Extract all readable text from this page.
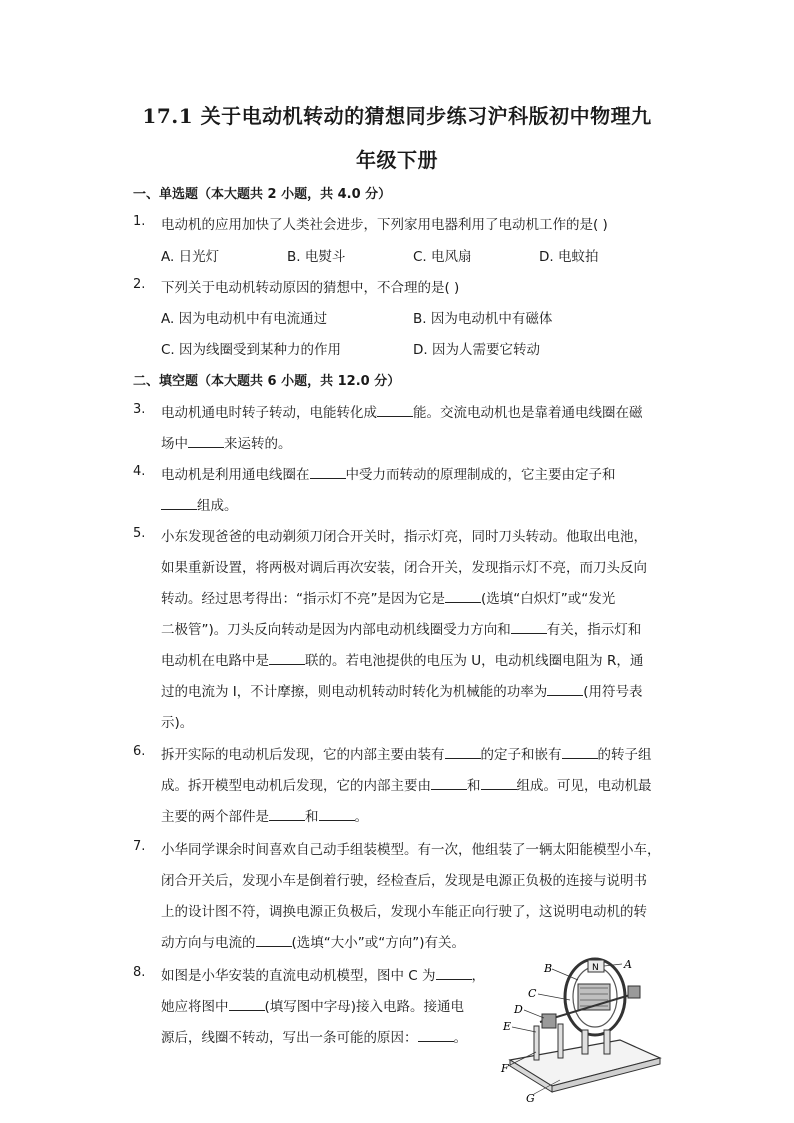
17.1 关于电动机转动的猜想同步练习沪科版初中物理九
年级下册
一、单选题（本大题共 2 小题，共 4.0 分）
1. 电动机的应用加快了人类社会进步，下列家用电器利用了电动机工作的是( )
A. 日光灯	B. 电熨斗	C. 电风扇	D. 电蚊拍
2. 下列关于电动机转动原因的猜想中，不合理的是( )
A. 因为电动机中有电流通过	B. 因为电动机中有磁体
C. 因为线圈受到某种力的作用	D. 因为人需要它转动
二、填空题（本大题共 6 小题，共 12.0 分）
3. 电动机通电时转子转动，电能转化成	能。交流电动机也是靠着通电线圈在磁
场中	来运转的。
4. 电动机是利用通电线圈在	中受力而转动的原理制成的，它主要由定子和
组成。
5. 小东发现爸爸的电动剃须刀闭合开关时，指示灯亮，同时刀头转动。他取出电池，
如果重新设置，将两极对调后再次安装，闭合开关，发现指示灯不亮，而刀头反向
转动。经过思考得出：“指示灯不亮”是因为它是	(选填“白炽灯”或“发光
二极管”)。刀头反向转动是因为内部电动机线圈受力方向和	有关，指示灯和
电动机在电路中是	联的。若电池提供的电压为 U，电动机线圈电阻为 R，通
过的电流为 I，不计摩擦，则电动机转动时转化为机械能的功率为	(用符号表
示)。
6. 拆开实际的电动机后发现，它的内部主要由装有	的定子和嵌有	的转子组
成。拆开模型电动机后发现，它的内部主要由	和	组成。可见，电动机最
主要的两个部件是	和	。
7. 小华同学课余时间喜欢自己动手组装模型。有一次，他组装了一辆太阳能模型小车，
闭合开关后，发现小车是倒着行驶，经检查后，发现是电源正负极的连接与说明书
上的设计图不符，调换电源正负极后，发现小车能正向行驶了，这说明电动机的转
动方向与电流的	(选填“大小”或“方向”)有关。
8. 如图是小华安装的直流电动机模型，图中 C 为	，
她应将图中	(填写图中字母)接入电路。接通电
源后，线圈不转动，写出一条可能的原因：	。
N
B	A
C
D
E
F
G
